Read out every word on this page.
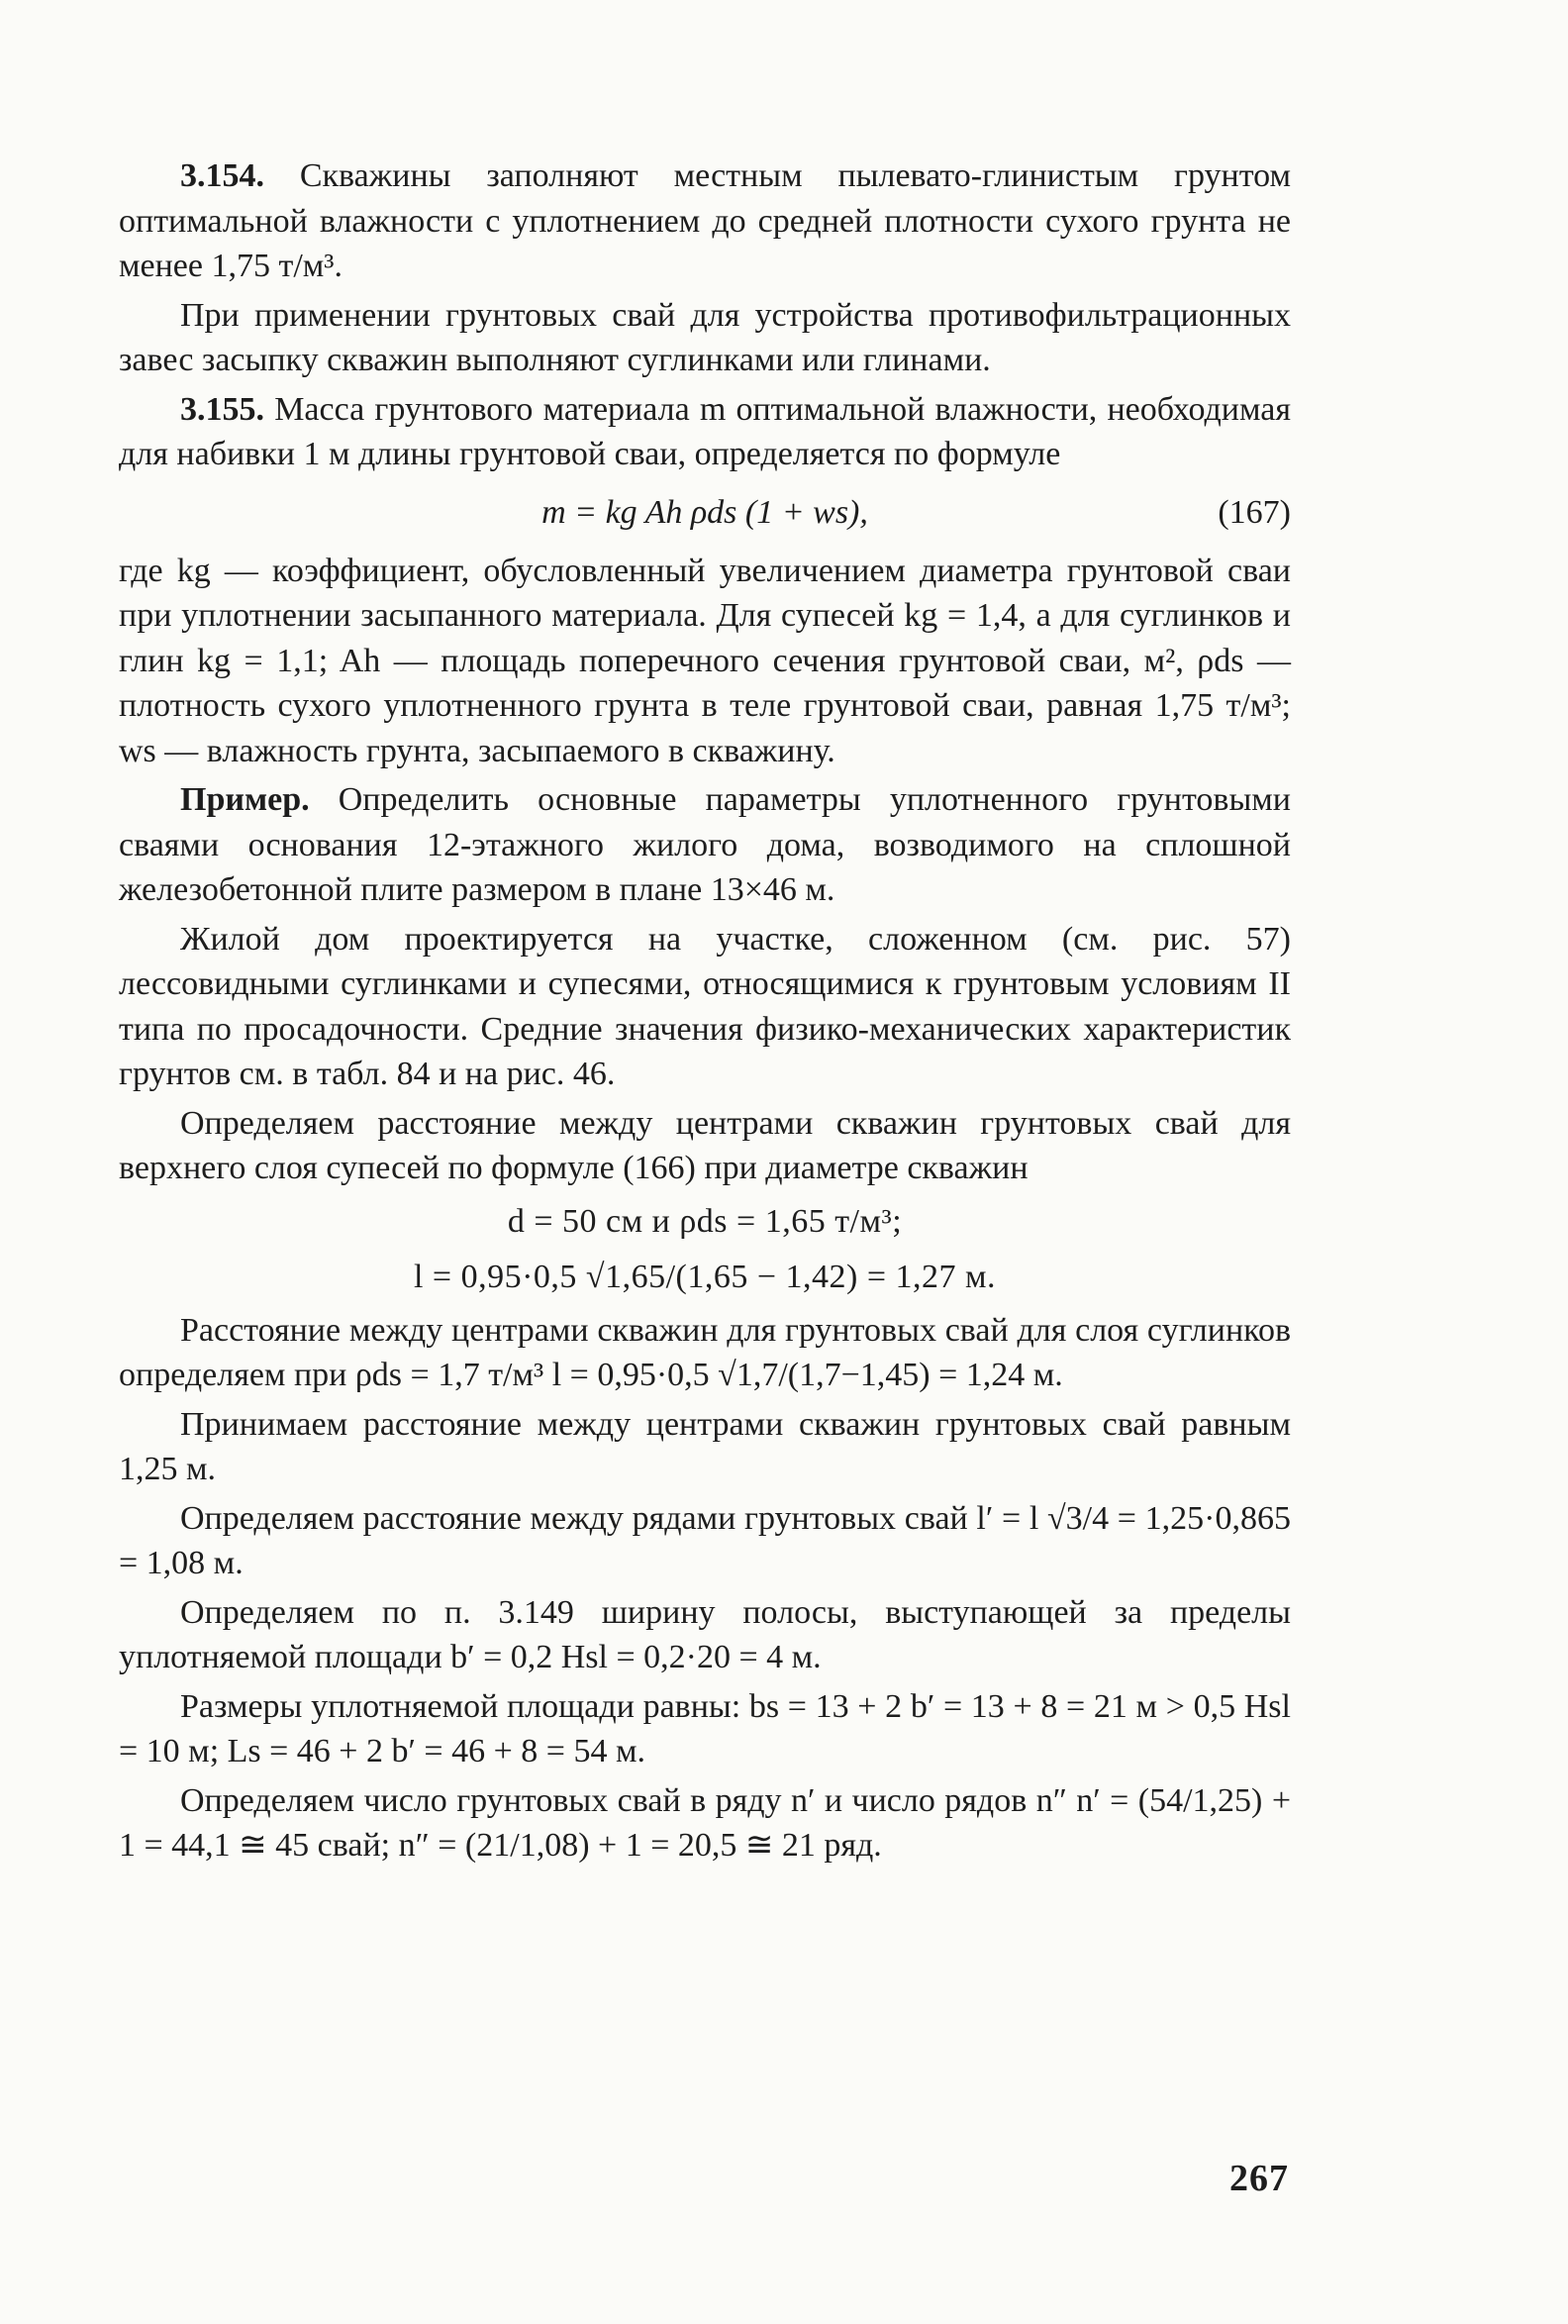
3.154. Скважины заполняют местным пылевато-глинистым грунтом оптимальной влажности с уплотнением до средней плотности сухого грунта не менее 1,75 т/м³.

При применении грунтовых свай для устройства противофильтрационных завес засыпку скважин выполняют суглинками или глинами.

3.155. Масса грунтового материала m оптимальной влажности, необходимая для набивки 1 м длины грунтовой сваи, определяется по формуле

m = kg Ah ρds (1 + ws),	(167)

где kg — коэффициент, обусловленный увеличением диаметра грунтовой сваи при уплотнении засыпанного материала. Для супесей kg = 1,4, а для суглинков и глин kg = 1,1; Ah — площадь поперечного сечения грунтовой сваи, м², ρds — плотность сухого уплотненного грунта в теле грунтовой сваи, равная 1,75 т/м³; ws — влажность грунта, засыпаемого в скважину.

Пример. Определить основные параметры уплотненного грунтовыми сваями основания 12-этажного жилого дома, возводимого на сплошной железобетонной плите размером в плане 13×46 м.

Жилой дом проектируется на участке, сложенном (см. рис. 57) лессовидными суглинками и супесями, относящимися к грунтовым условиям II типа по просадочности. Средние значения физико-механических характеристик грунтов см. в табл. 84 и на рис. 46.

Определяем расстояние между центрами скважин грунтовых свай для верхнего слоя супесей по формуле (166) при диаметре скважин

d = 50 см и ρds = 1,65 т/м³;
l = 0,95·0,5 √1,65/(1,65 − 1,42) = 1,27 м.

Расстояние между центрами скважин для грунтовых свай для слоя суглинков определяем при ρds = 1,7 т/м³ l = 0,95·0,5 √1,7/(1,7−1,45) = 1,24 м.

Принимаем расстояние между центрами скважин грунтовых свай равным 1,25 м.

Определяем расстояние между рядами грунтовых свай l′ = l √3/4 = 1,25·0,865 = 1,08 м.

Определяем по п. 3.149 ширину полосы, выступающей за пределы уплотняемой площади b′ = 0,2 Hsl = 0,2·20 = 4 м.

Размеры уплотняемой площади равны: bs = 13 + 2 b′ = 13 + 8 = 21 м > 0,5 Hsl = 10 м; Ls = 46 + 2 b′ = 46 + 8 = 54 м.

Определяем число грунтовых свай в ряду n′ и число рядов n″ n′ = (54/1,25) + 1 = 44,1 ≅ 45 свай; n″ = (21/1,08) + 1 = 20,5 ≅ 21 ряд.

267
